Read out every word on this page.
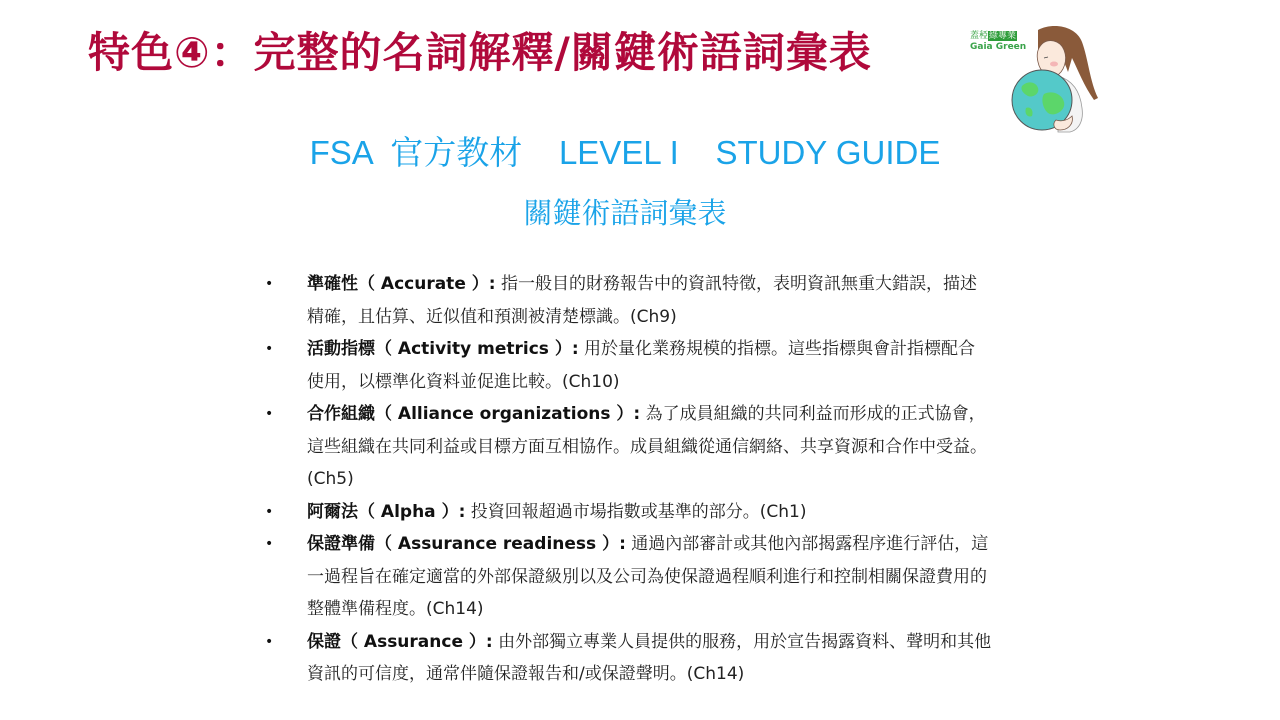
特色④：完整的名詞解釋/關鍵術語詞彙表	蓋稏綠專業
Gaia Green
FSA  官方教材    LEVEL I    STUDY GUIDE
關鍵術語詞彙表
• 準確性（ Accurate ）: 指一般目的財務報告中的資訊特徵，表明資訊無重大錯誤，描述精確，且估算、近似值和預測被清楚標識。(Ch9)
• 活動指標（ Activity metrics ）: 用於量化業務規模的指標。這些指標與會計指標配合使用，以標準化資料並促進比較。(Ch10)
• 合作組織（ Alliance organizations ）: 為了成員組織的共同利益而形成的正式協會，這些組織在共同利益或目標方面互相協作。成員組織從通信網絡、共享資源和合作中受益。(Ch5)
• 阿爾法（ Alpha ）: 投資回報超過市場指數或基準的部分。(Ch1)
• 保證準備（ Assurance readiness ）: 通過內部審計或其他內部揭露程序進行評估，這一過程旨在確定適當的外部保證級別以及公司為使保證過程順利進行和控制相關保證費用的整體準備程度。(Ch14)
• 保證（ Assurance ）: 由外部獨立專業人員提供的服務，用於宣告揭露資料、聲明和其他資訊的可信度，通常伴隨保證報告和/或保證聲明。(Ch14)
